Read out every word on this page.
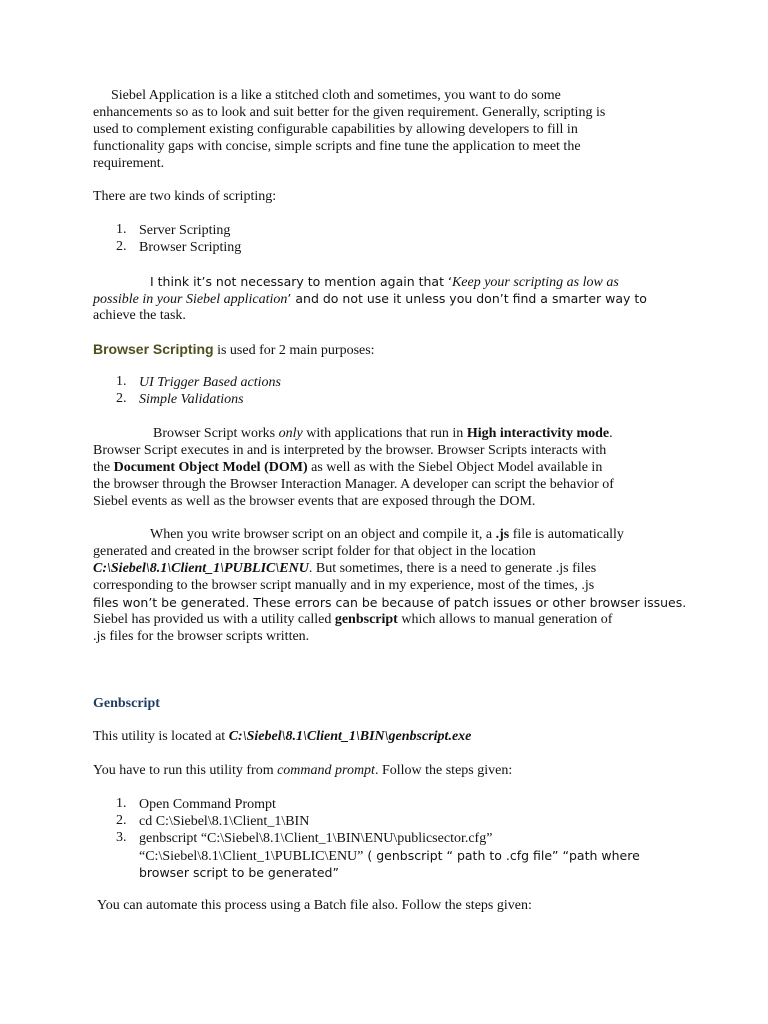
Siebel Application is a like a stitched cloth and sometimes, you want to do some
enhancements so as to look and suit better for the given requirement. Generally, scripting is
used to complement existing configurable capabilities by allowing developers to fill in
functionality gaps with concise, simple scripts and fine tune the application to meet the
requirement.
There are two kinds of scripting:
1. Server Scripting
2. Browser Scripting
I think it’s not necessary to mention again that ‘Keep your scripting as low as
possible in your Siebel application’ and do not use it unless you don’t find a smarter way to
achieve the task.
Browser Scripting is used for 2 main purposes:
1. UI Trigger Based actions
2. Simple Validations
Browser Script works only with applications that run in High interactivity mode.
Browser Script executes in and is interpreted by the browser. Browser Scripts interacts with
the Document Object Model (DOM) as well as with the Siebel Object Model available in
the browser through the Browser Interaction Manager. A developer can script the behavior of
Siebel events as well as the browser events that are exposed through the DOM.
When you write browser script on an object and compile it, a .js file is automatically
generated and created in the browser script folder for that object in the location
C:\Siebel\8.1\Client_1\PUBLIC\ENU. But sometimes, there is a need to generate .js files
corresponding to the browser script manually and in my experience, most of the times, .js
files won’t be generated. These errors can be because of patch issues or other browser issues.
Siebel has provided us with a utility called genbscript which allows to manual generation of
.js files for the browser scripts written.
Genbscript
This utility is located at C:\Siebel\8.1\Client_1\BIN\genbscript.exe
You have to run this utility from command prompt. Follow the steps given:
1. Open Command Prompt
2. cd C:\Siebel\8.1\Client_1\BIN
3. genbscript “C:\Siebel\8.1\Client_1\BIN\ENU\publicsector.cfg”
“C:\Siebel\8.1\Client_1\PUBLIC\ENU” ( genbscript “ path to .cfg file” “path where
browser script to be generated”
You can automate this process using a Batch file also. Follow the steps given:
